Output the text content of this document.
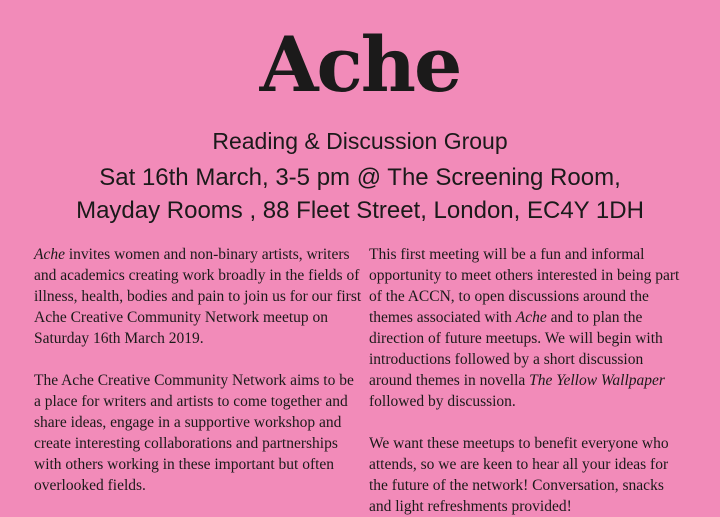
Ache
Reading & Discussion Group
Sat 16th March, 3-5 pm @ The Screening Room,
Mayday Rooms , 88 Fleet Street, London, EC4Y 1DH

Ache invites women and non-binary artists, writers and academics creating work broadly in the fields of illness, health, bodies and pain to join us for our first Ache Creative Community Network meetup on Saturday 16th March 2019.

The Ache Creative Community Network aims to be a place for writers and artists to come together and share ideas, engage in a supportive workshop and create interesting collaborations and partnerships with others working in these important but often overlooked fields.

This first meeting will be a fun and informal opportunity to meet others interested in being part of the ACCN, to open discussions around the themes associated with Ache and to plan the direction of future meetups. We will begin with introductions followed by a short discussion around themes in novella The Yellow Wallpaper followed by discussion.

We want these meetups to benefit everyone who attends, so we are keen to hear all your ideas for the future of the network! Conversation, snacks and light refreshments provided!
